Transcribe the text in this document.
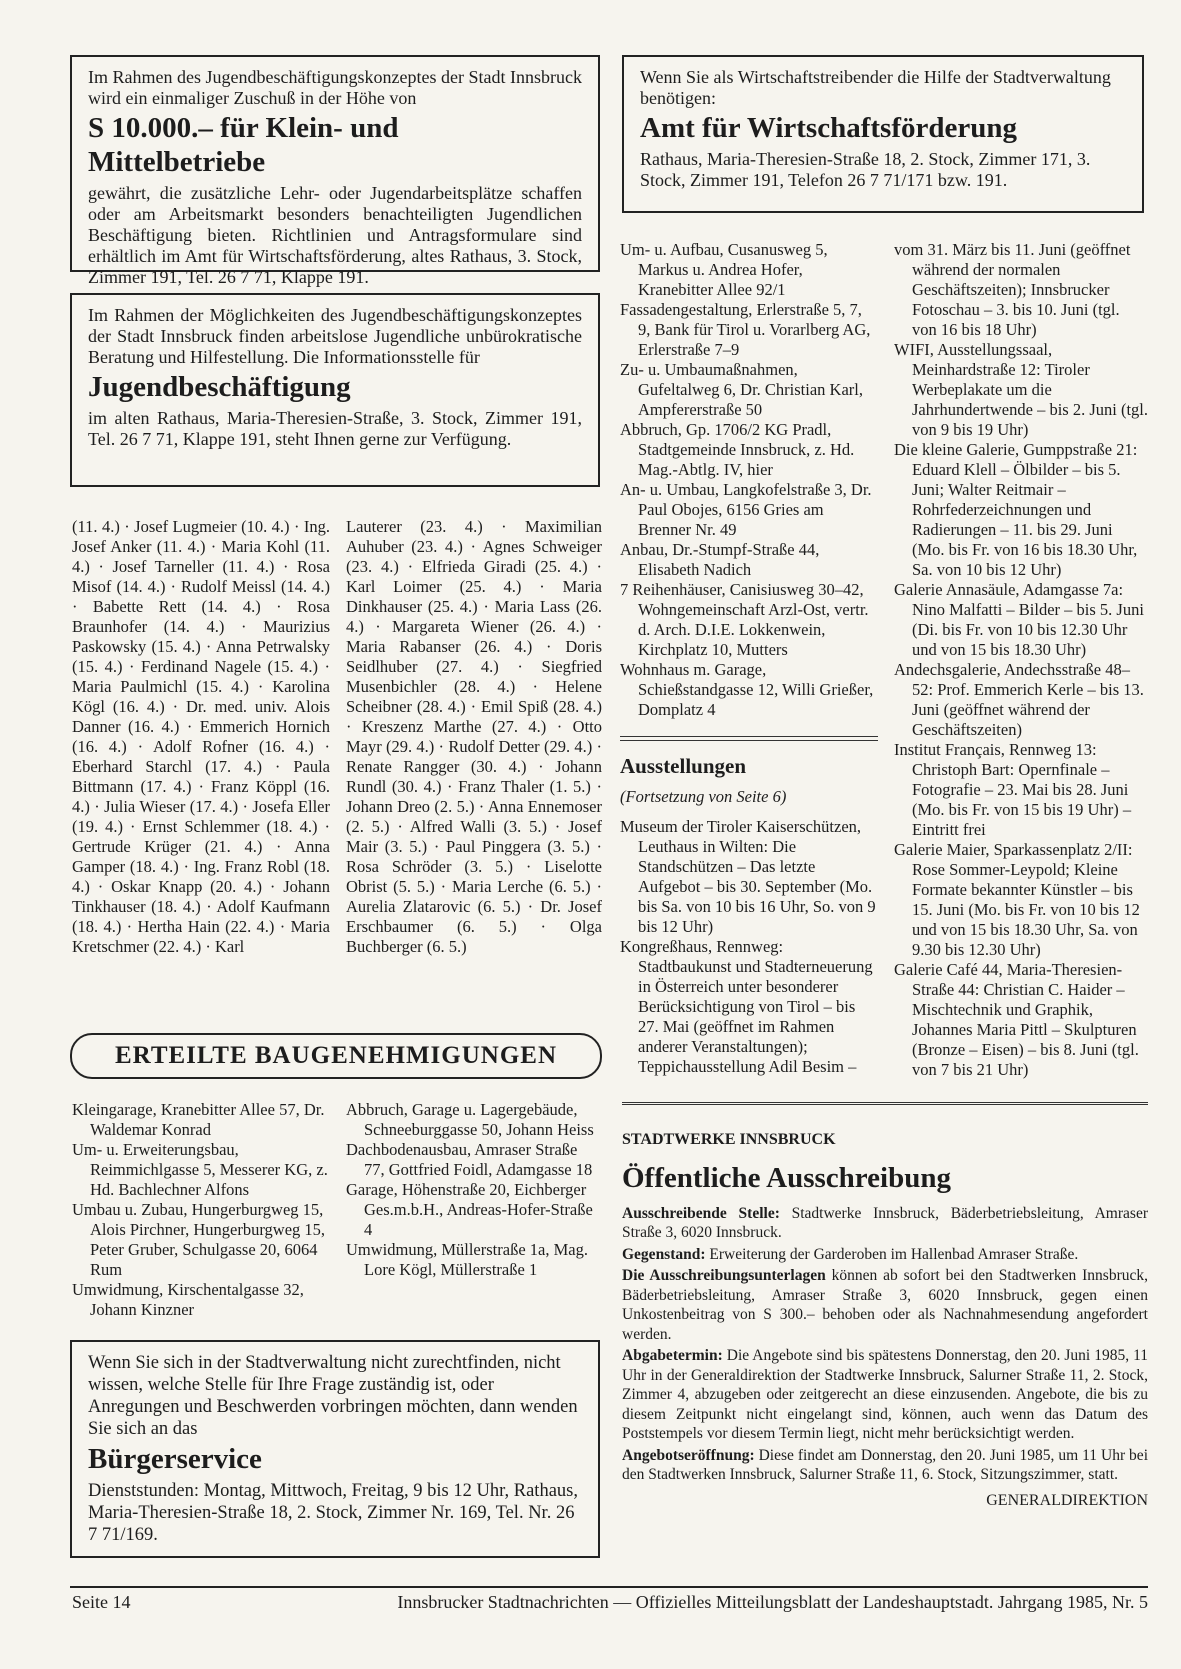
Im Rahmen des Jugendbeschäftigungskonzeptes der Stadt Innsbruck wird ein einmaliger Zuschuß in der Höhe von

S 10.000.– für Klein- und Mittelbetriebe

gewährt, die zusätzliche Lehr- oder Jugendarbeitsplätze schaffen oder am Arbeitsmarkt besonders benachteiligten Jugendlichen Beschäftigung bieten. Richtlinien und Antragsformulare sind erhältlich im Amt für Wirtschaftsförderung, altes Rathaus, 3. Stock, Zimmer 191, Tel. 26 7 71, Klappe 191.

Im Rahmen der Möglichkeiten des Jugendbeschäftigungskonzeptes der Stadt Innsbruck finden arbeitslose Jugendliche unbürokratische Beratung und Hilfestellung. Die Informationsstelle für

Jugendbeschäftigung

im alten Rathaus, Maria-Theresien-Straße, 3. Stock, Zimmer 191, Tel. 26 7 71, Klappe 191, steht Ihnen gerne zur Verfügung.

Wenn Sie als Wirtschaftstreibender die Hilfe der Stadtverwaltung benötigen:

Amt für Wirtschaftsförderung

Rathaus, Maria-Theresien-Straße 18, 2. Stock, Zimmer 171, 3. Stock, Zimmer 191, Telefon 26 7 71/171 bzw. 191.

(11. 4.) · Josef Lugmeier (10. 4.) · Ing. Josef Anker (11. 4.) · Maria Kohl (11. 4.) · Josef Tarneller (11. 4.) · Rosa Misof (14. 4.) · Rudolf Meissl (14. 4.) · Babette Rett (14. 4.) · Rosa Braunhofer (14. 4.) · Maurizius Paskowsky (15. 4.) · Anna Petrwalsky (15. 4.) · Ferdinand Nagele (15. 4.) · Maria Paulmichl (15. 4.) · Karolina Kögl (16. 4.) · Dr. med. univ. Alois Danner (16. 4.) · Emmerich Hornich (16. 4.) · Adolf Rofner (16. 4.) · Eberhard Starchl (17. 4.) · Paula Bittmann (17. 4.) · Franz Köppl (16. 4.) · Julia Wieser (17. 4.) · Josefa Eller (19. 4.) · Ernst Schlemmer (18. 4.) · Gertrude Krüger (21. 4.) · Anna Gamper (18. 4.) · Ing. Franz Robl (18. 4.) · Oskar Knapp (20. 4.) · Johann Tinkhauser (18. 4.) · Adolf Kaufmann (18. 4.) · Hertha Hain (22. 4.) · Maria Kretschmer (22. 4.) · Karl
Lauterer (23. 4.) · Maximilian Auhuber (23. 4.) · Agnes Schweiger (23. 4.) · Elfrieda Giradi (25. 4.) · Karl Loimer (25. 4.) · Maria Dinkhauser (25. 4.) · Maria Lass (26. 4.) · Margareta Wiener (26. 4.) · Maria Rabanser (26. 4.) · Doris Seidlhuber (27. 4.) · Siegfried Musenbichler (28. 4.) · Helene Scheibner (28. 4.) · Emil Spiß (28. 4.) · Kreszenz Marthe (27. 4.) · Otto Mayr (29. 4.) · Rudolf Detter (29. 4.) · Renate Rangger (30. 4.) · Johann Rundl (30. 4.) · Franz Thaler (1. 5.) · Johann Dreo (2. 5.) · Anna Ennemoser (2. 5.) · Alfred Walli (3. 5.) · Josef Mair (3. 5.) · Paul Pinggera (3. 5.) · Rosa Schröder (3. 5.) · Liselotte Obrist (5. 5.) · Maria Lerche (6. 5.) · Aurelia Zlatarovic (6. 5.) · Dr. Josef Erschbaumer (6. 5.) · Olga Buchberger (6. 5.)
ERTEILTE BAUGENEHMIGUNGEN
Kleingarage, Kranebitter Allee 57, Dr. Waldemar Konrad
Um- u. Erweiterungsbau, Reimmichlgasse 5, Messerer KG, z. Hd. Bachlechner Alfons
Umbau u. Zubau, Hungerburgweg 15, Alois Pirchner, Hungerburgweg 15, Peter Gruber, Schulgasse 20, 6064 Rum
Umwidmung, Kirschentalgasse 32, Johann Kinzner
Abbruch, Garage u. Lagergebäude, Schneeburggasse 50, Johann Heiss
Dachbodenausbau, Amraser Straße 77, Gottfried Foidl, Adamgasse 18
Garage, Höhenstraße 20, Eichberger Ges.m.b.H., Andreas-Hofer-Straße 4
Umwidmung, Müllerstraße 1a, Mag. Lore Kögl, Müllerstraße 1

Wenn Sie sich in der Stadtverwaltung nicht zurechtfinden, nicht wissen, welche Stelle für Ihre Frage zuständig ist, oder Anregungen und Beschwerden vorbringen möchten, dann wenden Sie sich an das

Bürgerservice

Dienststunden: Montag, Mittwoch, Freitag, 9 bis 12 Uhr, Rathaus, Maria-Theresien-Straße 18, 2. Stock, Zimmer Nr. 169, Tel. Nr. 26 7 71/169.

Um- u. Aufbau, Cusanusweg 5, Markus u. Andrea Hofer, Kranebitter Allee 92/1
Fassadengestaltung, Erlerstraße 5, 7, 9, Bank für Tirol u. Vorarlberg AG, Erlerstraße 7–9
Zu- u. Umbaumaßnahmen, Gufeltalweg 6, Dr. Christian Karl, Ampfererstraße 50
Abbruch, Gp. 1706/2 KG Pradl, Stadtgemeinde Innsbruck, z. Hd. Mag.-Abtlg. IV, hier
An- u. Umbau, Langkofelstraße 3, Dr. Paul Obojes, 6156 Gries am Brenner Nr. 49
Anbau, Dr.-Stumpf-Straße 44, Elisabeth Nadich
7 Reihenhäuser, Canisiusweg 30–42, Wohngemeinschaft Arzl-Ost, vertr. d. Arch. D.I.E. Lokkenwein, Kirchplatz 10, Mutters
Wohnhaus m. Garage, Schießstandgasse 12, Willi Grießer, Domplatz 4
Ausstellungen
(Fortsetzung von Seite 6)
Museum der Tiroler Kaiserschützen, Leuthaus in Wilten: Die Standschützen – Das letzte Aufgebot – bis 30. September (Mo. bis Sa. von 10 bis 16 Uhr, So. von 9 bis 12 Uhr)
Kongreßhaus, Rennweg: Stadtbaukunst und Stadterneuerung in Österreich unter besonderer Berücksichtigung von Tirol – bis 27. Mai (geöffnet im Rahmen anderer Veranstaltungen); Teppichausstellung Adil Besim –
vom 31. März bis 11. Juni (geöffnet während der normalen Geschäftszeiten); Innsbrucker Fotoschau – 3. bis 10. Juni (tgl. von 16 bis 18 Uhr)
WIFI, Ausstellungssaal, Meinhardstraße 12: Tiroler Werbeplakate um die Jahrhundertwende – bis 2. Juni (tgl. von 9 bis 19 Uhr)
Die kleine Galerie, Gumppstraße 21: Eduard Klell – Ölbilder – bis 5. Juni; Walter Reitmair – Rohrfederzeichnungen und Radierungen – 11. bis 29. Juni (Mo. bis Fr. von 16 bis 18.30 Uhr, Sa. von 10 bis 12 Uhr)
Galerie Annasäule, Adamgasse 7a: Nino Malfatti – Bilder – bis 5. Juni (Di. bis Fr. von 10 bis 12.30 Uhr und von 15 bis 18.30 Uhr)
Andechsgalerie, Andechsstraße 48–52: Prof. Emmerich Kerle – bis 13. Juni (geöffnet während der Geschäftszeiten)
Institut Français, Rennweg 13: Christoph Bart: Opernfinale – Fotografie – 23. Mai bis 28. Juni (Mo. bis Fr. von 15 bis 19 Uhr) – Eintritt frei
Galerie Maier, Sparkassenplatz 2/II: Rose Sommer-Leypold; Kleine Formate bekannter Künstler – bis 15. Juni (Mo. bis Fr. von 10 bis 12 und von 15 bis 18.30 Uhr, Sa. von 9.30 bis 12.30 Uhr)
Galerie Café 44, Maria-Theresien-Straße 44: Christian C. Haider – Mischtechnik und Graphik, Johannes Maria Pittl – Skulpturen (Bronze – Eisen) – bis 8. Juni (tgl. von 7 bis 21 Uhr)
STADTWERKE INNSBRUCK
Öffentliche Ausschreibung

Ausschreibende Stelle: Stadtwerke Innsbruck, Bäderbetriebsleitung, Amraser Straße 3, 6020 Innsbruck.

Gegenstand: Erweiterung der Garderoben im Hallenbad Amraser Straße.

Die Ausschreibungsunterlagen können ab sofort bei den Stadtwerken Innsbruck, Bäderbetriebsleitung, Amraser Straße 3, 6020 Innsbruck, gegen einen Unkostenbeitrag von S 300.– behoben oder als Nachnahmesendung angefordert werden.

Abgabetermin: Die Angebote sind bis spätestens Donnerstag, den 20. Juni 1985, 11 Uhr in der Generaldirektion der Stadtwerke Innsbruck, Salurner Straße 11, 2. Stock, Zimmer 4, abzugeben oder zeitgerecht an diese einzusenden. Angebote, die bis zu diesem Zeitpunkt nicht eingelangt sind, können, auch wenn das Datum des Poststempels vor diesem Termin liegt, nicht mehr berücksichtigt werden.

Angebotseröffnung: Diese findet am Donnerstag, den 20. Juni 1985, um 11 Uhr bei den Stadtwerken Innsbruck, Salurner Straße 11, 6. Stock, Sitzungszimmer, statt.

GENERALDIREKTION
Seite 14	Innsbrucker Stadtnachrichten — Offizielles Mitteilungsblatt der Landeshauptstadt. Jahrgang 1985, Nr. 5
